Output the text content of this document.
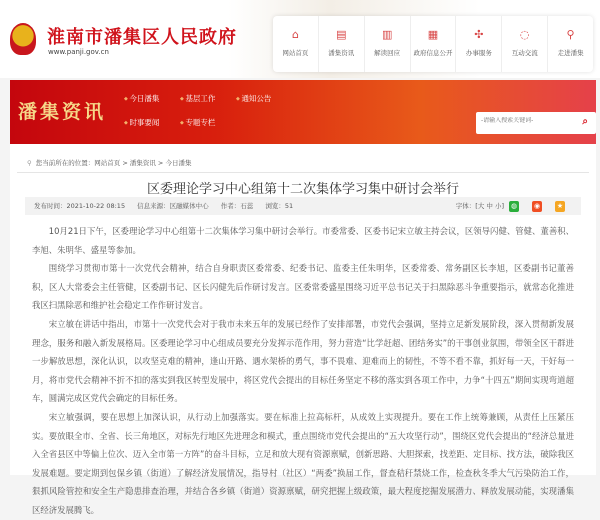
淮南市潘集区人民政府
www.panji.gov.cn
⌂
网站首页
▤
潘集资讯
▥
解读回应
▦
政府信息公开
✣
办事服务
◌
互动交流
⚲
走进潘集
潘集资讯
◆ 今日潘集	◆ 基层工作	◆ 通知公告
◆ 时事要闻	◆ 专题专栏
-请输入搜索关键词-	⌕
⚲ 您当前所在的位置：网站首页 > 潘集资讯 > 今日潘集
区委理论学习中心组第十二次集体学习集中研讨会举行
发布时间：2021-10-22 08:15 信息来源：区融媒体中心 作者：石蕊 浏览：51	字体：[大 中 小] ◍ ◉ ★

10月21日下午，区委理论学习中心组第十二次集体学习集中研讨会举行。市委常委、区委书记宋立敏主持会议，区领导闪健、管健、董善积、李旭、朱明华、盛星等参加。

围绕学习贯彻市第十一次党代会精神，结合自身职责区委常委、纪委书记、监委主任朱明华，区委常委、常务副区长李旭，区委副书记董善积，区人大常委会主任管健，区委副书记、区长闪健先后作研讨发言。区委常委盛星围绕习近平总书记关于扫黑除恶斗争重要指示，就常态化推进我区扫黑除恶和维护社会稳定工作作研讨发言。

宋立敏在讲话中指出，市第十一次党代会对于我市未来五年的发展已经作了安排部署，市党代会强调，坚持立足新发展阶段，深入贯彻新发展理念，服务和融入新发展格局。区委理论学习中心组成员要充分发挥示范作用，努力营造“比学赶超、团结务实”的干事创业氛围，带领全区干群进一步解放思想，深化认识，以攻坚克难的精神，逢山开路、遇水架桥的勇气，事不畏难、迎难而上的韧性，不等不看不靠，抓好每一天，干好每一月，将市党代会精神不折不扣的落实到我区转型发展中，将区党代会提出的目标任务坚定不移的落实到各项工作中，力争“十四五”期间实现弯道超车，圆满完成区党代会确定的目标任务。

宋立敏强调，要在思想上加深认识，从行动上加强落实。要在标准上拉高标杆，从成效上实现提升。要在工作上统筹兼顾，从责任上压紧压实。要放眼全市、全省、长三角地区，对标先行地区先进理念和模式，重点围绕市党代会提出的“五大攻坚行动”，围绕区党代会提出的“经济总量进入全省县区中等偏上位次、迈入全市第一方阵”的奋斗目标，立足和放大现有资源禀赋，创新思路、大胆探索，找差距、定目标、找方法，破除我区发展难题。要定期到包保乡镇（街道）了解经济发展情况，指导村（社区）“两委”换届工作，督查秸秆禁烧工作，检查秋冬季大气污染防治工作，狠抓风险管控和安全生产隐患排查治理，并结合各乡镇（街道）资源禀赋，研究把握上级政策，最大程度挖掘发展潜力、释放发展动能，实现潘集区经济发展腾飞。
